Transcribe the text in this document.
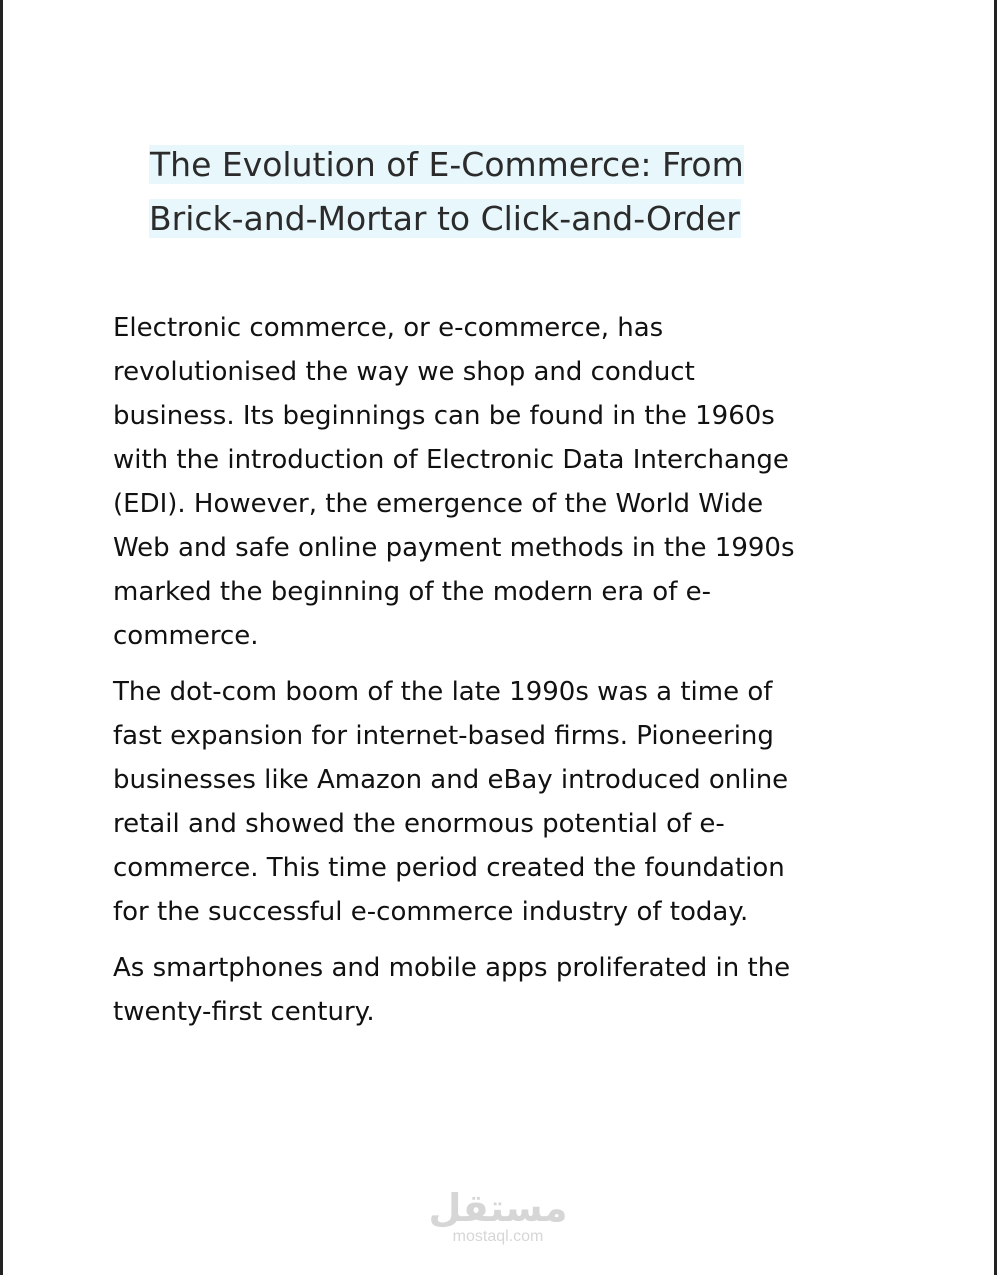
The Evolution of E-Commerce: From Brick-and-Mortar to Click-and-Order

Electronic commerce, or e-commerce, has revolutionised the way we shop and conduct business. Its beginnings can be found in the 1960s with the introduction of Electronic Data Interchange (EDI). However, the emergence of the World Wide Web and safe online payment methods in the 1990s marked the beginning of the modern era of e-commerce.

The dot-com boom of the late 1990s was a time of fast expansion for internet-based firms. Pioneering businesses like Amazon and eBay introduced online retail and showed the enormous potential of e-commerce. This time period created the foundation for the successful e-commerce industry of today.

As smartphones and mobile apps proliferated in the twenty-first century.

مستقل
mostaql.com
